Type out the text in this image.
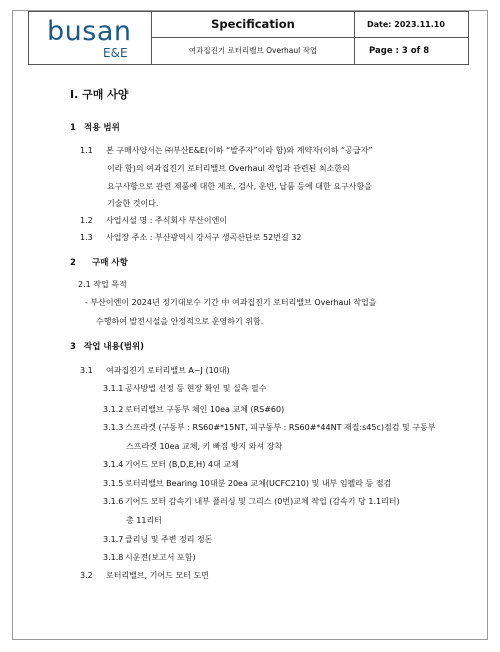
busan
E&E
Specification
여과집진기 로터리밸브 Overhaul 작업
Date: 2023.11.10
Page : 3 of 8
Ⅰ. 구매 사양
1 적용 범위
1.1 본 구매사양서는 ㈜부산E&E(이하 “발주자”이라 함)와 계약자(이하 “공급자”
이라 함)의 여과집진기 로터리밸브 Overhaul 작업과 관련된 최소한의
요구사항으로 관련 제품에 대한 제조, 검사, 운반, 납품 등에 대한 요구사항을
기술한 것이다.
1.2 사업시설 명 : 주식회사 부산이엔이
1.3 사업장 주소 : 부산광역시 강서구 생곡산단로 52번길 32
2 구매 사항
2.1 작업 목적
- 부산이엔이 2024년 정기대보수 기간 中 여과집진기 로터리밸브 Overhaul 작업을
수행하여 발전시설을 안정적으로 운영하기 위함.
3 작업 내용(범위)
3.1 여과집진기 로터리밸브 A~J (10대)
3.1.1 공사방법 선정 등 현장 확인 및 실측 필수
3.1.2 로터리밸브 구동부 체인 10ea 교체 (RS#60)
3.1.3 스프라켓 (구동부 : RS60#*15NT, 피구동부 : RS60#*44NT 재질:s45c)점검 및 구동부
스프라켓 10ea 교체, 키 빠짐 방지 와셔 장착
3.1.4 기어드 모터 (B,D,E,H) 4대 교체
3.1.5 로터리밸브 Bearing 10대분 20ea 교체(UCFC210) 및 내부 임펠라 등 점검
3.1.6 기어드 모터 감속기 내부 플러싱 및 그리스 (0번)교체 작업 (감속기 당 1.1리터)
총 11리터
3.1.7 클리닝 및 주변 정리 정돈
3.1.8 시운전(보고서 포함)
3.2 로터리밸브, 기어드 모터 도면
